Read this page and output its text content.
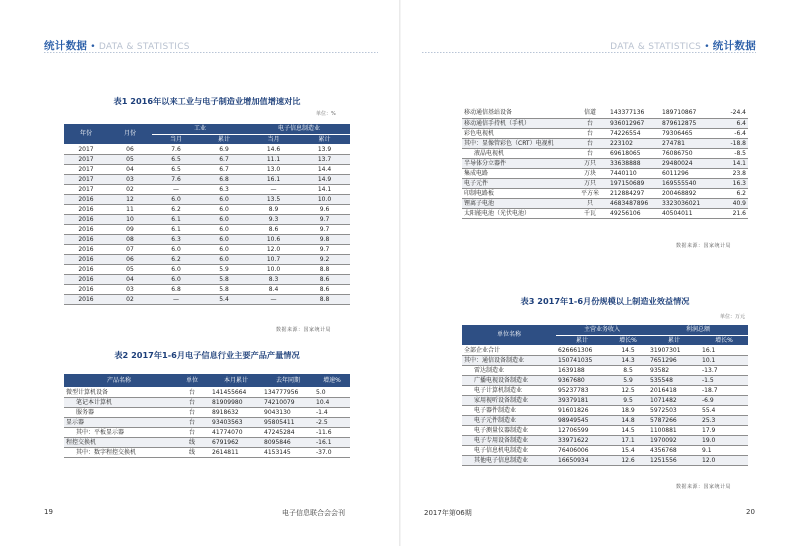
统计数据 • DATA & STATISTICS	DATA & STATISTICS • 统计数据
表1 2016年以来工业与电子制造业增加值增速对比
单位：%
年份	月份	工业		电子信息制造业	
		当月	累计	当月	累计
2017	06	7.6	6.9	14.6	13.9
2017	05	6.5	6.7	11.1	13.7
2017	04	6.5	6.7	13.0	14.4
2017	03	7.6	6.8	16.1	14.9
2017	02	—	6.3	—	14.1
2016	12	6.0	6.0	13.5	10.0
2016	11	6.2	6.0	8.9	9.6
2016	10	6.1	6.0	9.3	9.7
2016	09	6.1	6.0	8.6	9.7
2016	08	6.3	6.0	10.6	9.8
2016	07	6.0	6.0	12.0	9.7
2016	06	6.2	6.0	10.7	9.2
2016	05	6.0	5.9	10.0	8.8
2016	04	6.0	5.8	8.3	8.6
2016	03	6.8	5.8	8.4	8.6
2016	02	—	5.4	—	8.8
数据来源：国家统计局
表2 2017年1-6月电子信息行业主要产品产量情况
产品名称	单位	本月累计	去年同期	增速%
微型计算机设备	台	141455664	134777956	5.0
笔记本计算机	台	81909980	74210079	10.4
服务器	台	8918632	9043130	-1.4
显示器	台	93403563	95805411	-2.5
其中：平板显示器	台	41774070	47245284	-11.6
程控交换机	线	6791962	8095846	-16.1
其中：数字程控交换机	线	2614811	4153145	-37.0
移动通信基站设备	信道	143377136	189710867	-24.4
移动通信手持机（手机）	台	936012967	879612875	6.4
彩色电视机	台	74226554	79306465	-6.4
其中：显像管彩色（CRT）电视机	台	223102	274781	-18.8
液晶电视机	台	69618065	76086750	-8.5
半导体分立器件	万只	33638888	29480024	14.1
集成电路	万块	7440110	6011296	23.8
电子元件	万只	197150689	169555540	16.3
印制电路板	平方米	212884297	200468892	6.2
锂离子电池	只	4683487896	3323036021	40.9
太阳能电池（光伏电池）	千瓦	49256106	40504011	21.6
数据来源：国家统计局
表3 2017年1-6月份规模以上制造业效益情况
单位：万元
单位名称	主营业务收入		利润总额	
	累计	增长%	累计	增长%
全部企业合计	626661306	14.5	31907301	16.1
其中：通信设备制造业	150741035	14.3	7651296	10.1
雷达制造业	1639188	8.5	93582	-13.7
广播电视设备制造业	9367680	5.9	535548	-1.5
电子计算机制造业	95237783	12.5	2016418	-18.7
家用视听设备制造业	39379181	9.5	1071482	-6.9
电子器件制造业	91601826	18.9	5972503	55.4
电子元件制造业	98949545	14.8	5787266	25.3
电子测量仪器制造业	12706599	14.5	1100881	17.9
电子专用设备制造业	33971622	17.1	1970092	19.0
电子信息机电制造业	76406006	15.4	4356768	9.1
其他电子信息制造业	16650934	12.6	1251556	12.0
数据来源：国家统计局
19	电子信息联合会会刊	2017年第06期	20
